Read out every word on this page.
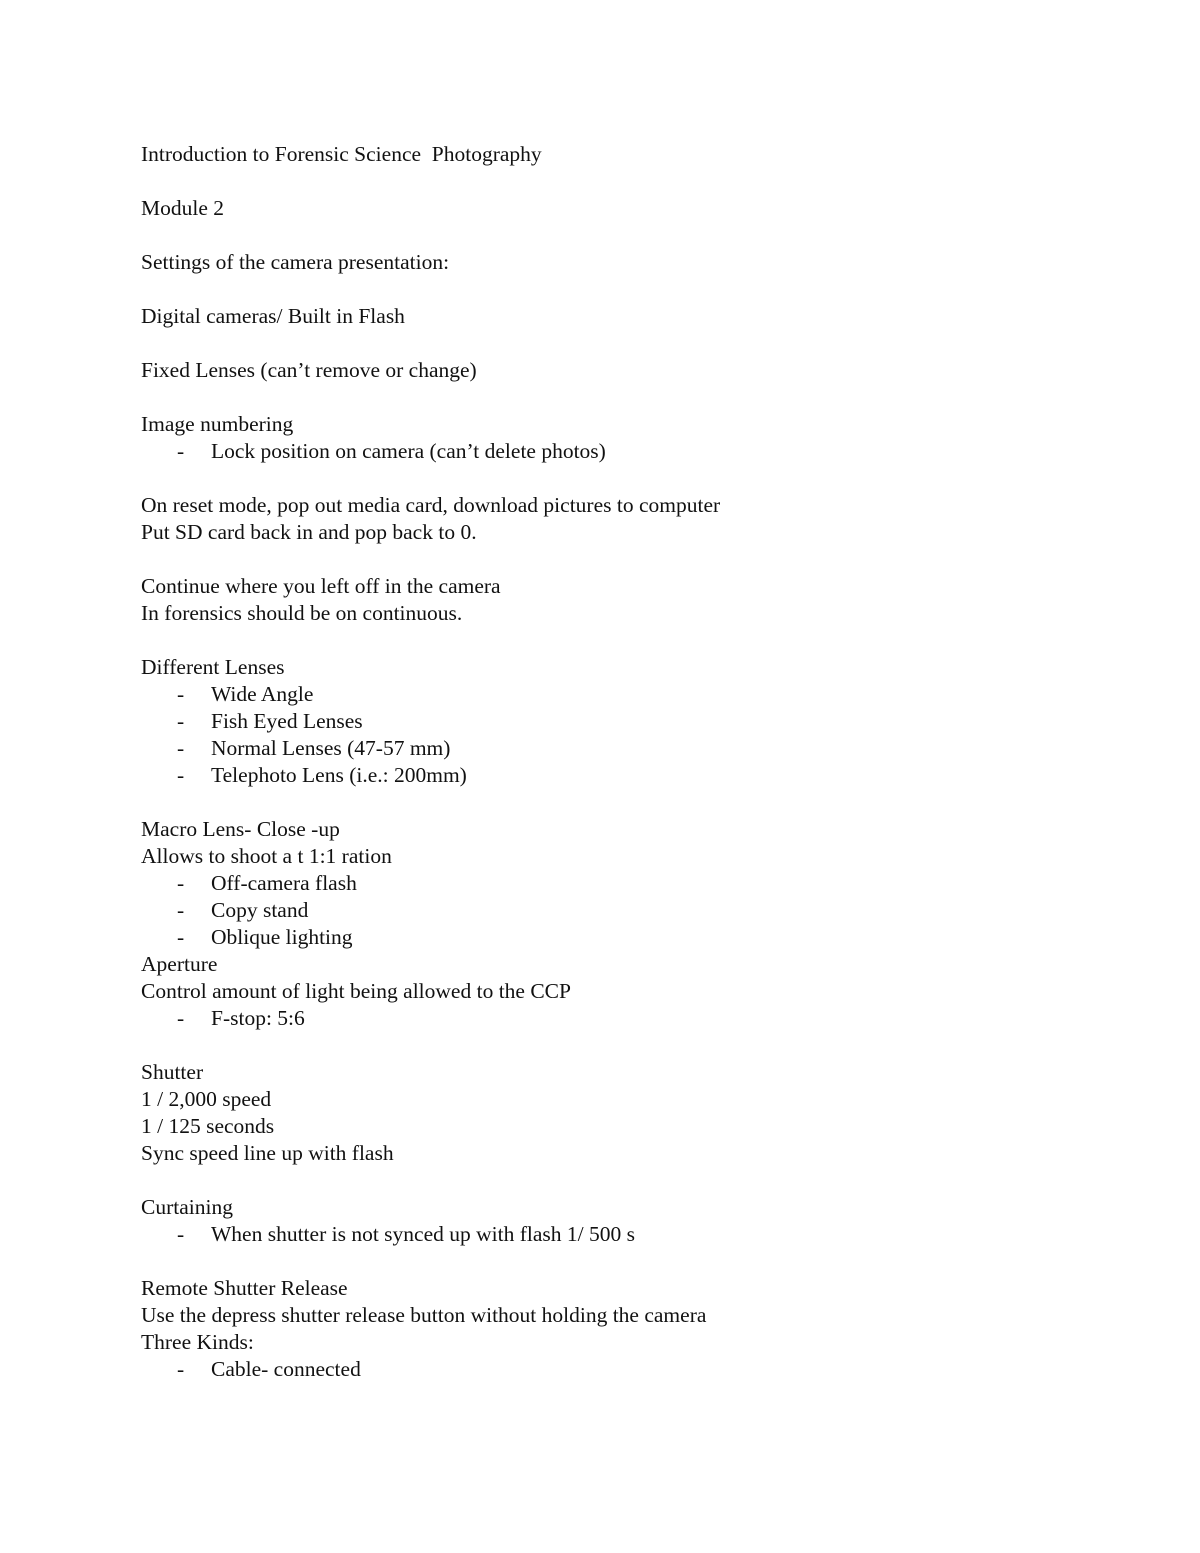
Introduction to Forensic Science  Photography
Module 2
Settings of the camera presentation:
Digital cameras/ Built in Flash
Fixed Lenses (can’t remove or change)
Image numbering
- Lock position on camera (can’t delete photos)
On reset mode, pop out media card, download pictures to computer
Put SD card back in and pop back to 0.
Continue where you left off in the camera
In forensics should be on continuous.
Different Lenses
- Wide Angle
- Fish Eyed Lenses
- Normal Lenses (47-57 mm)
- Telephoto Lens (i.e.: 200mm)
Macro Lens- Close -up
Allows to shoot a t 1:1 ration
- Off-camera flash
- Copy stand
- Oblique lighting
Aperture
Control amount of light being allowed to the CCP
- F-stop: 5:6
Shutter
1 / 2,000 speed
1 / 125 seconds
Sync speed line up with flash
Curtaining
- When shutter is not synced up with flash 1/ 500 s
Remote Shutter Release
Use the depress shutter release button without holding the camera
Three Kinds:
- Cable- connected
